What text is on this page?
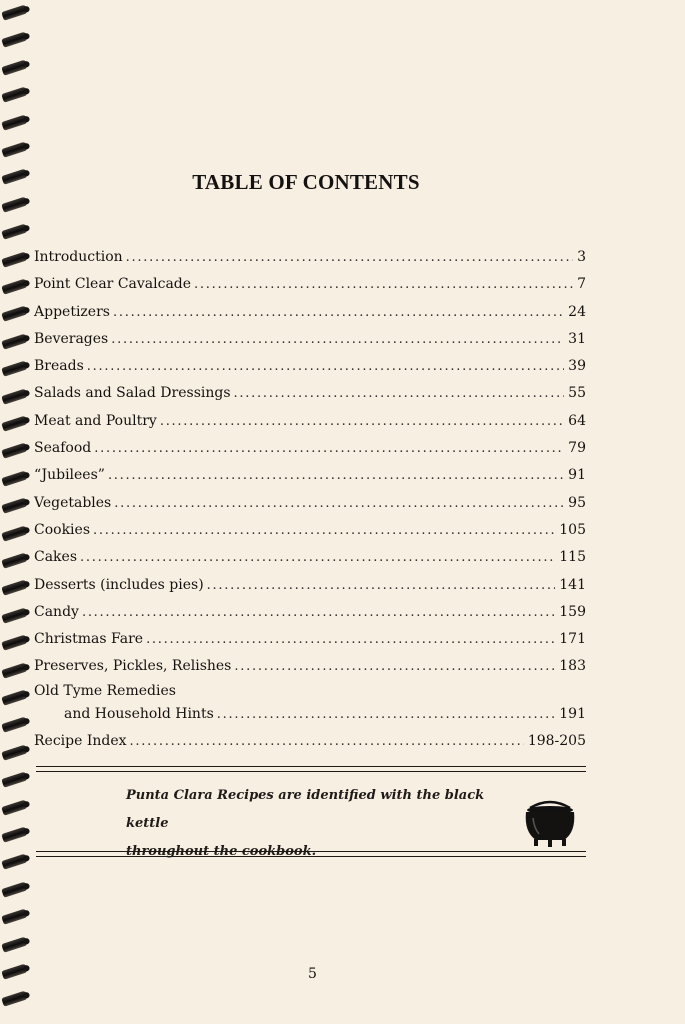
TABLE OF CONTENTS
Introduction . . .	3
Point Clear Cavalcade . . .	7
Appetizers . . .	24
Beverages . . .	31
Breads . . .	39
Salads and Salad Dressings . . .	55
Meat and Poultry . . .	64
Seafood . . .	79
“Jubilees” . . .	91
Vegetables . . .	95
Cookies . . .	105
Cakes . . .	115
Desserts (includes pies) . . .	141
Candy . . .	159
Christmas Fare . . .	171
Preserves, Pickles, Relishes . . .	183
Old Tyme Remedies
and Household Hints . . .	191
Recipe Index . . .	198-205
Punta Clara Recipes are identified with the black kettle
throughout the cookbook.
5
